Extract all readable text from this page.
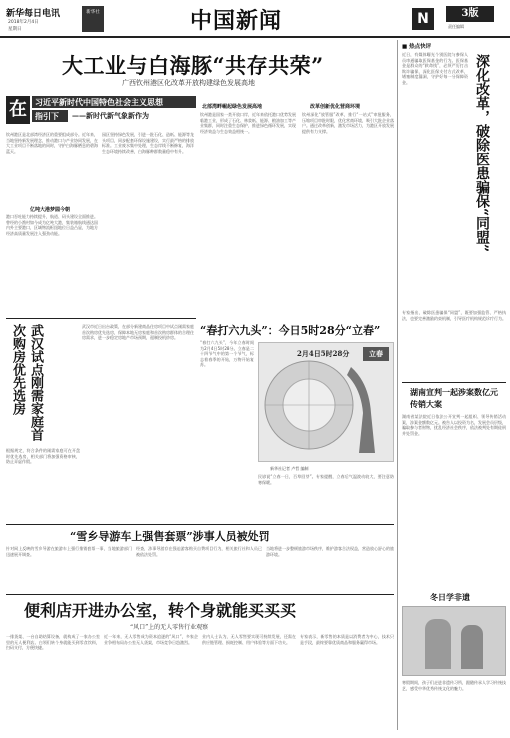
新华每日电讯
2018年2月4日
星期日
新华社	中国新闻	N	3版
责任编辑
大工业与白海豚“共存共荣”
广西钦州港区化改革开放构建绿色发展高地
在	习近平新时代中国特色社会主义思想
指引下	——新时代新气象新作为
钦州港区是北部湾经济区的重要组成部分。近年来，当地坚持新发展理念，推动港口与产业协同发展，在大工业项目不断落地的同时，守护白海豚栖息的碧海蓝天。
亿吨大港梦圆今朝
港口吞吐能力持续提升，航道、码头建设全面推进。曾经的小渔村如今成为亿吨大港，集装箱航线通达国内外主要港口，区域物流枢纽地位日益凸显，为地方经济高质量发展注入强劲动能。
园区坚持绿色发展，引进一批石化、造纸、能源等龙头项目，同步配套环保设施建设，实行最严格的排放标准。工业废水集中处理，生态岸线不断修复，海洋生态环境持续改善，白海豚种群数量稳中有升。
北部湾畔崛起绿色发展高地
钦州港是国家一类开放口岸，近年来依托港口优势发展临港工业，形成了石化、林浆纸、能源、粮油加工等产业集群，同时注重生态保护，推进绿色循环发展，实现经济效益与生态效益相统一。
改革创新优化营商环境
钦州深化“放管服”改革，推行“一站式”审批服务，压缩项目审批时限，优化营商环境，吸引大批企业落户。通过改革创新，激发市场活力，为港区开放发展提供有力支撑。
■ 热点快评
近日，有媒体曝光个别医院与参保人员串通骗取医保基金的行为。医保基金是群众的“救命钱”，必须严厉打击欺诈骗保，深化医保支付方式改革，堵塞制度漏洞，守护好每一分保障资金。	深化改革，破除医患骗保“同盟”
专家指出，破除医患骗保“同盟”，既要加强监管、严格执法，也要完善激励约束机制，引导医疗机构规范诊疗行为。
湖南宣判一起涉案数亿元传销大案
湖南省某法院近日依法公开宣判一起组织、领导传销活动案，涉案金额数亿元。被告人以投资为名，发展会员层级，骗取参与者财物，扰乱经济社会秩序，依法被判处有期徒刑并处罚金。
冬日学非遗
寒假期间，孩子们走进非遗传习所，跟随传承人学习传统技艺，感受中华优秀传统文化的魅力。
武汉试点刚需家庭首次购房优先选房	武汉市近日出台政策，在部分新建商品住房项目中试点刚需家庭首次购房优先选房，保障本地无房家庭和首次购房群体的合理住房需求，进一步稳定房地产市场预期，遏制投机炒房。
根据规定，符合条件的刚需家庭可在开盘时优先选房，相关部门将加强资格审核，防止弄虚作假。
“春打六九头”：今日5时28分“立春”
“春打六九头”，今年立春时间为2月4日5时28分。立春是二十四节气中的第一个节气，标志着春季的开始，万物开始复苏。
2月4日5时28分	立春
新华社记者 卢哲 编制
民谚说“立春一日，百草回芽”。专家提醒，立春后气温波动较大，要注意防寒保暖。
“雪乡导游车上强售套票”涉事人员被处罚
针对网上反映的雪乡导游在旅游车上强行推销套票一事，当地旅游部门迅速展开调查。
经查，涉事导游存在强迫游客购买自费项目行为，相关旅行社和人员已被依法处罚。
当地将进一步整顿旅游市场秩序，维护游客合法权益，营造放心舒心的旅游环境。
便利店开进办公室，转个身就能买买买
“风口”上的无人零售行业观察
一排货架、一台自助结算设备，就构成了一家办公室里的无人便利店。白领们转个身就能买到零食饮料，扫码支付，方便快捷。
近一年来，无人零售成为资本追逐的“风口”，多家企业争相布局办公室无人货架，市场竞争日趋激烈。
业内人士认为，无人零售要实现可持续发展，还需在供应链管理、损耗控制、用户体验等方面下功夫。
专家表示，新零售的本质是以消费者为中心，技术只是手段，最终要靠优质商品和服务赢得市场。
